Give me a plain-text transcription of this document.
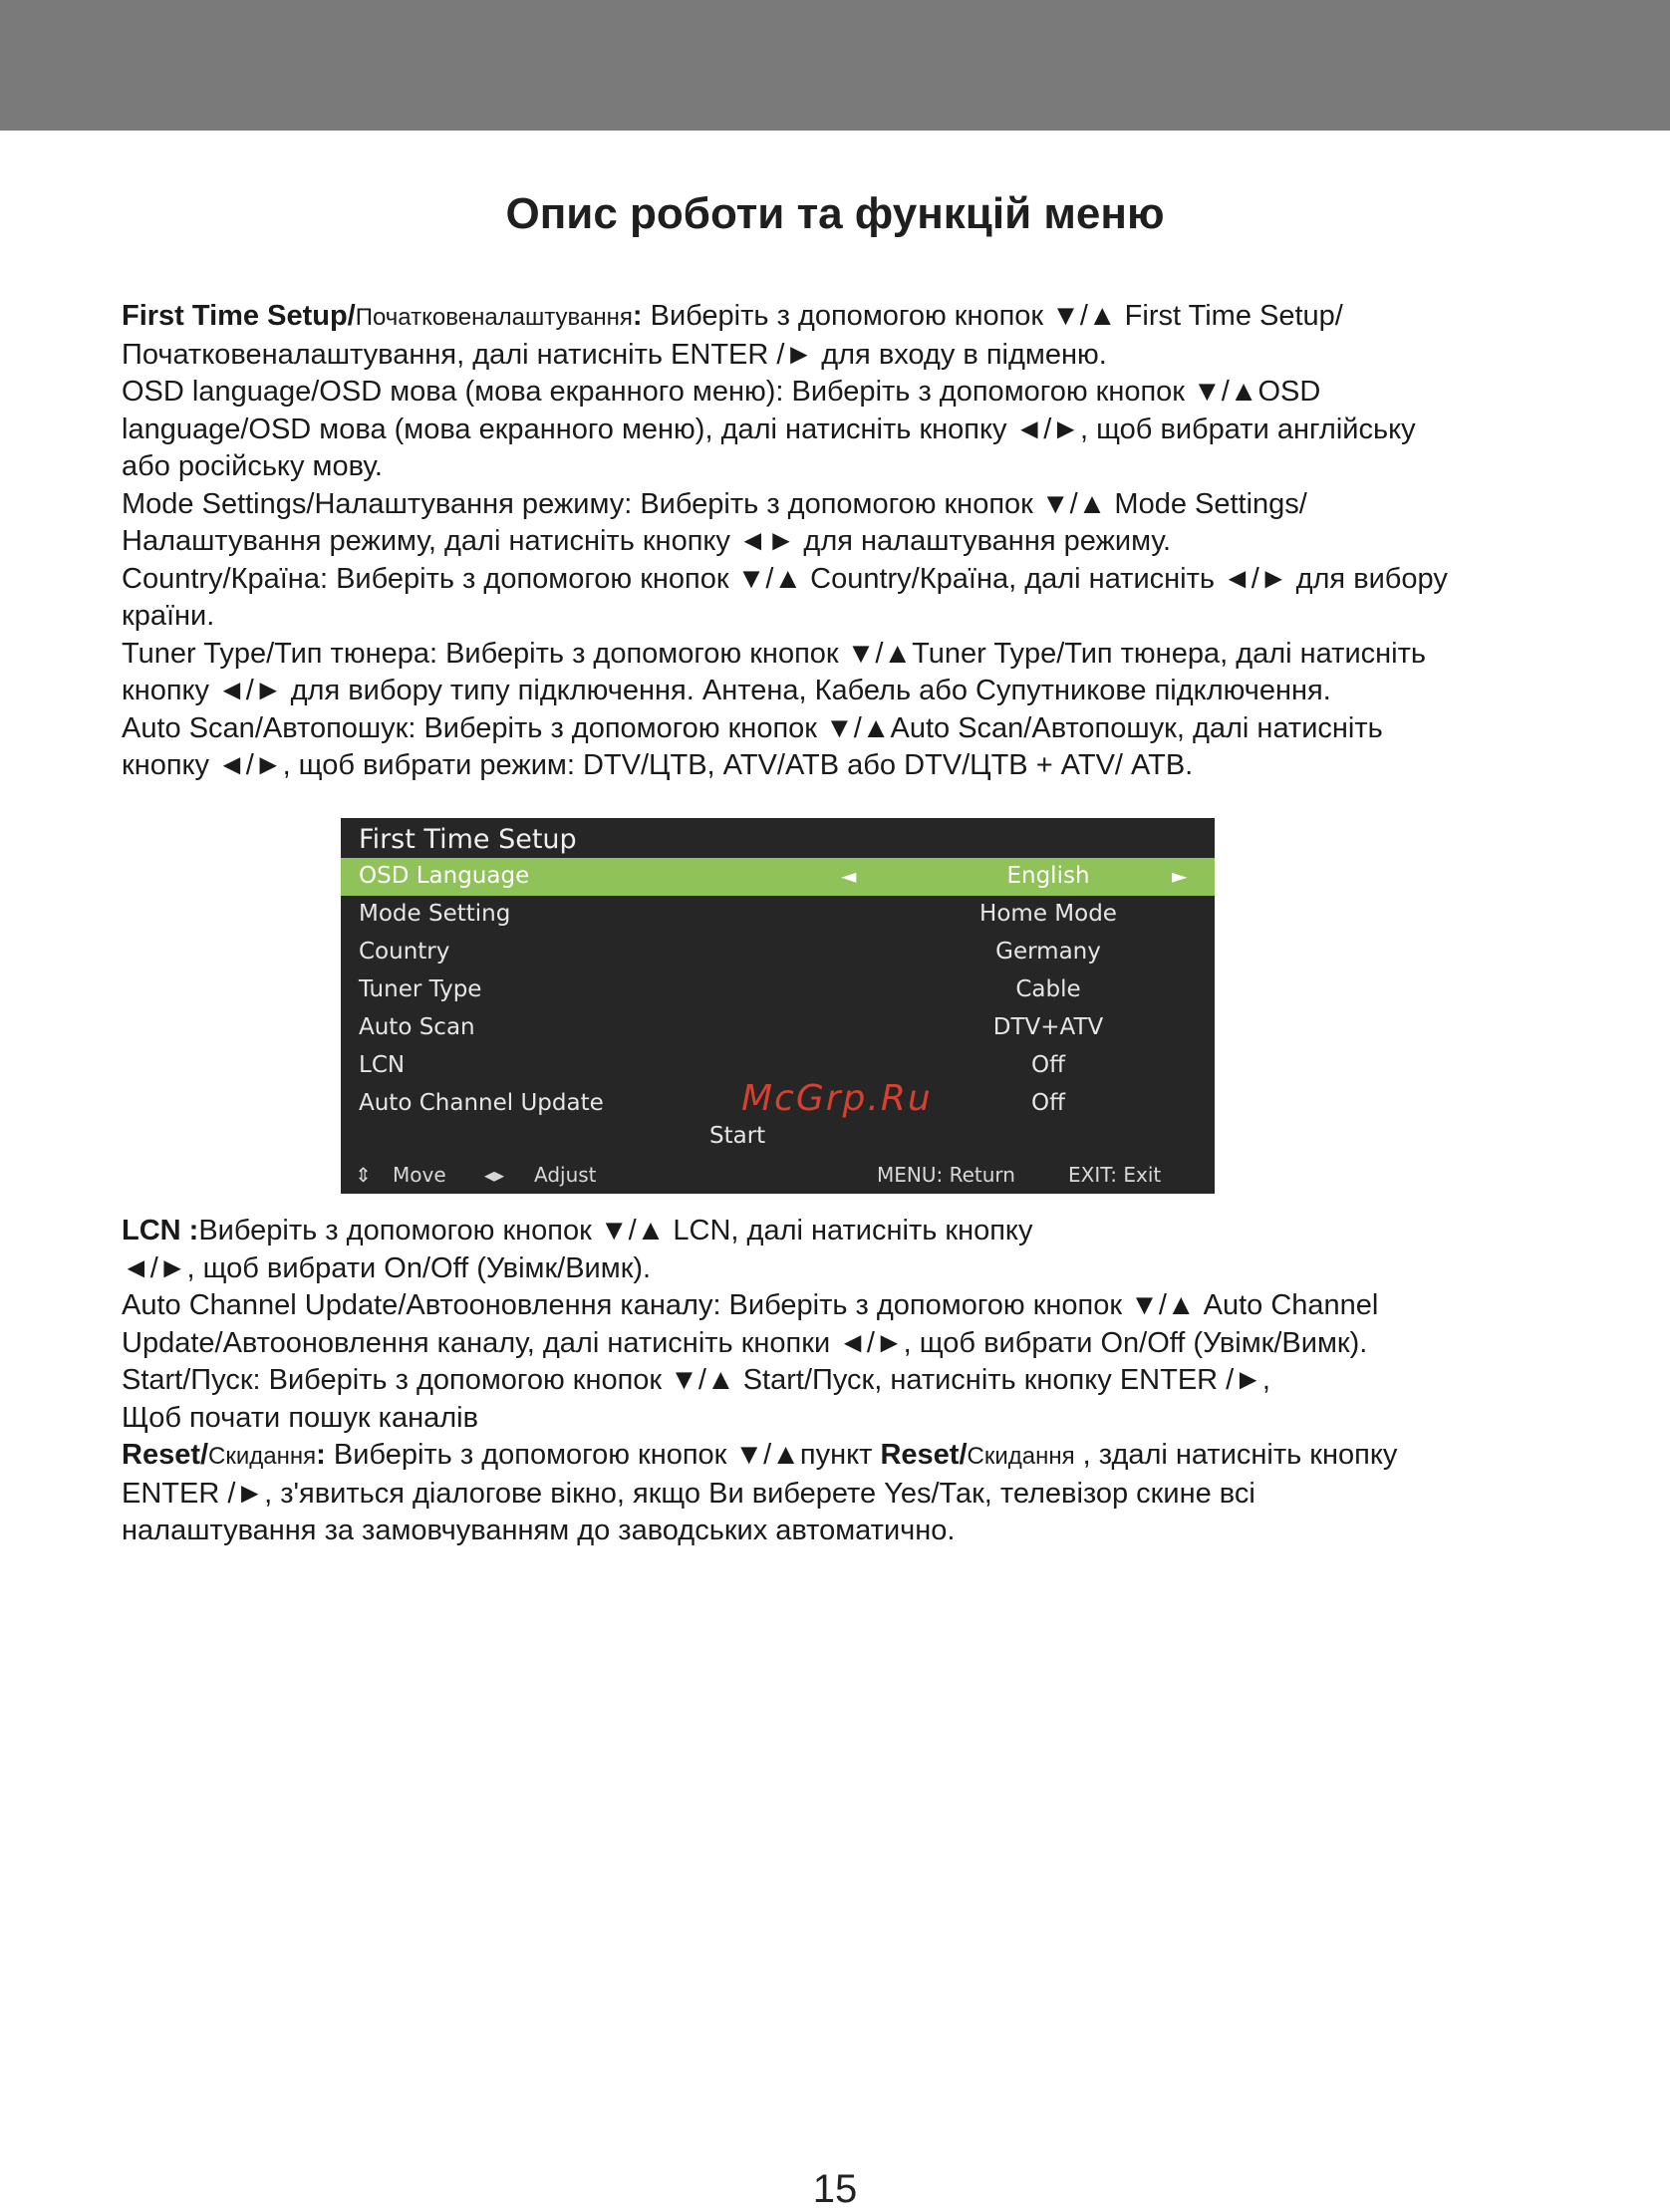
Опис роботи та функцій меню

First Time Setup/Початковеналаштування: Виберіть з допомогою кнопок ▼/▲ First Time Setup/

Початковеналаштування, далі натисніть ENTER /► для входу в підменю.

OSD language/OSD мова (мова екранного меню): Виберіть з допомогою кнопок ▼/▲OSD

language/OSD мова (мова екранного меню), далі натисніть кнопку ◄/►, щоб вибрати англійську

або російську мову.

Mode Settings/Налаштування режиму: Виберіть з допомогою кнопок ▼/▲ Mode Settings/

Налаштування режиму, далі натисніть кнопку ◄► для налаштування режиму.

Country/Країна: Виберіть з допомогою кнопок ▼/▲ Country/Країна, далі натисніть ◄/► для вибору

країни.

Tuner Type/Тип тюнера: Виберіть з допомогою кнопок ▼/▲Tuner Type/Тип тюнера, далі натисніть

кнопку ◄/► для вибору типу підключення. Антена, Кабель або Супутникове підключення.

Auto Scan/Автопошук: Виберіть з допомогою кнопок ▼/▲Auto Scan/Автопошук, далі натисніть

кнопку ◄/►, щоб вибрати режим: DTV/ЦТВ, ATV/АТВ або DTV/ЦТВ + ATV/ АТВ.

First Time Setup
OSD Language	◄	English	►
Mode Setting	Home Mode
Country	Germany
Tuner Type	Cable
Auto Scan	DTV+ATV
LCN	Off
Auto Channel Update	Off
Start
⇕ Move ◂▸ Adjust	MENU: Return	EXIT: Exit
McGrp.Ru

LCN :Виберіть з допомогою кнопок ▼/▲ LCN, далі натисніть кнопку

◄/►, щоб вибрати On/Off (Увімк/Вимк).

Auto Channel Update/Автооновлення каналу: Виберіть з допомогою кнопок ▼/▲ Auto Channel

Update/Автооновлення каналу, далі натисніть кнопки ◄/►, щоб вибрати On/Off (Увімк/Вимк).

Start/Пуск: Виберіть з допомогою кнопок ▼/▲ Start/Пуск, натисніть кнопку ENTER /►,

Щоб почати пошук каналів

Reset/Скидання: Виберіть з допомогою кнопок ▼/▲пункт Reset/Скидання , здалі натисніть кнопку

ENTER /►, з'явиться діалогове вікно, якщо Ви виберете Yes/Так, телевізор скине всі

налаштування за замовчуванням до заводських автоматично.

15
